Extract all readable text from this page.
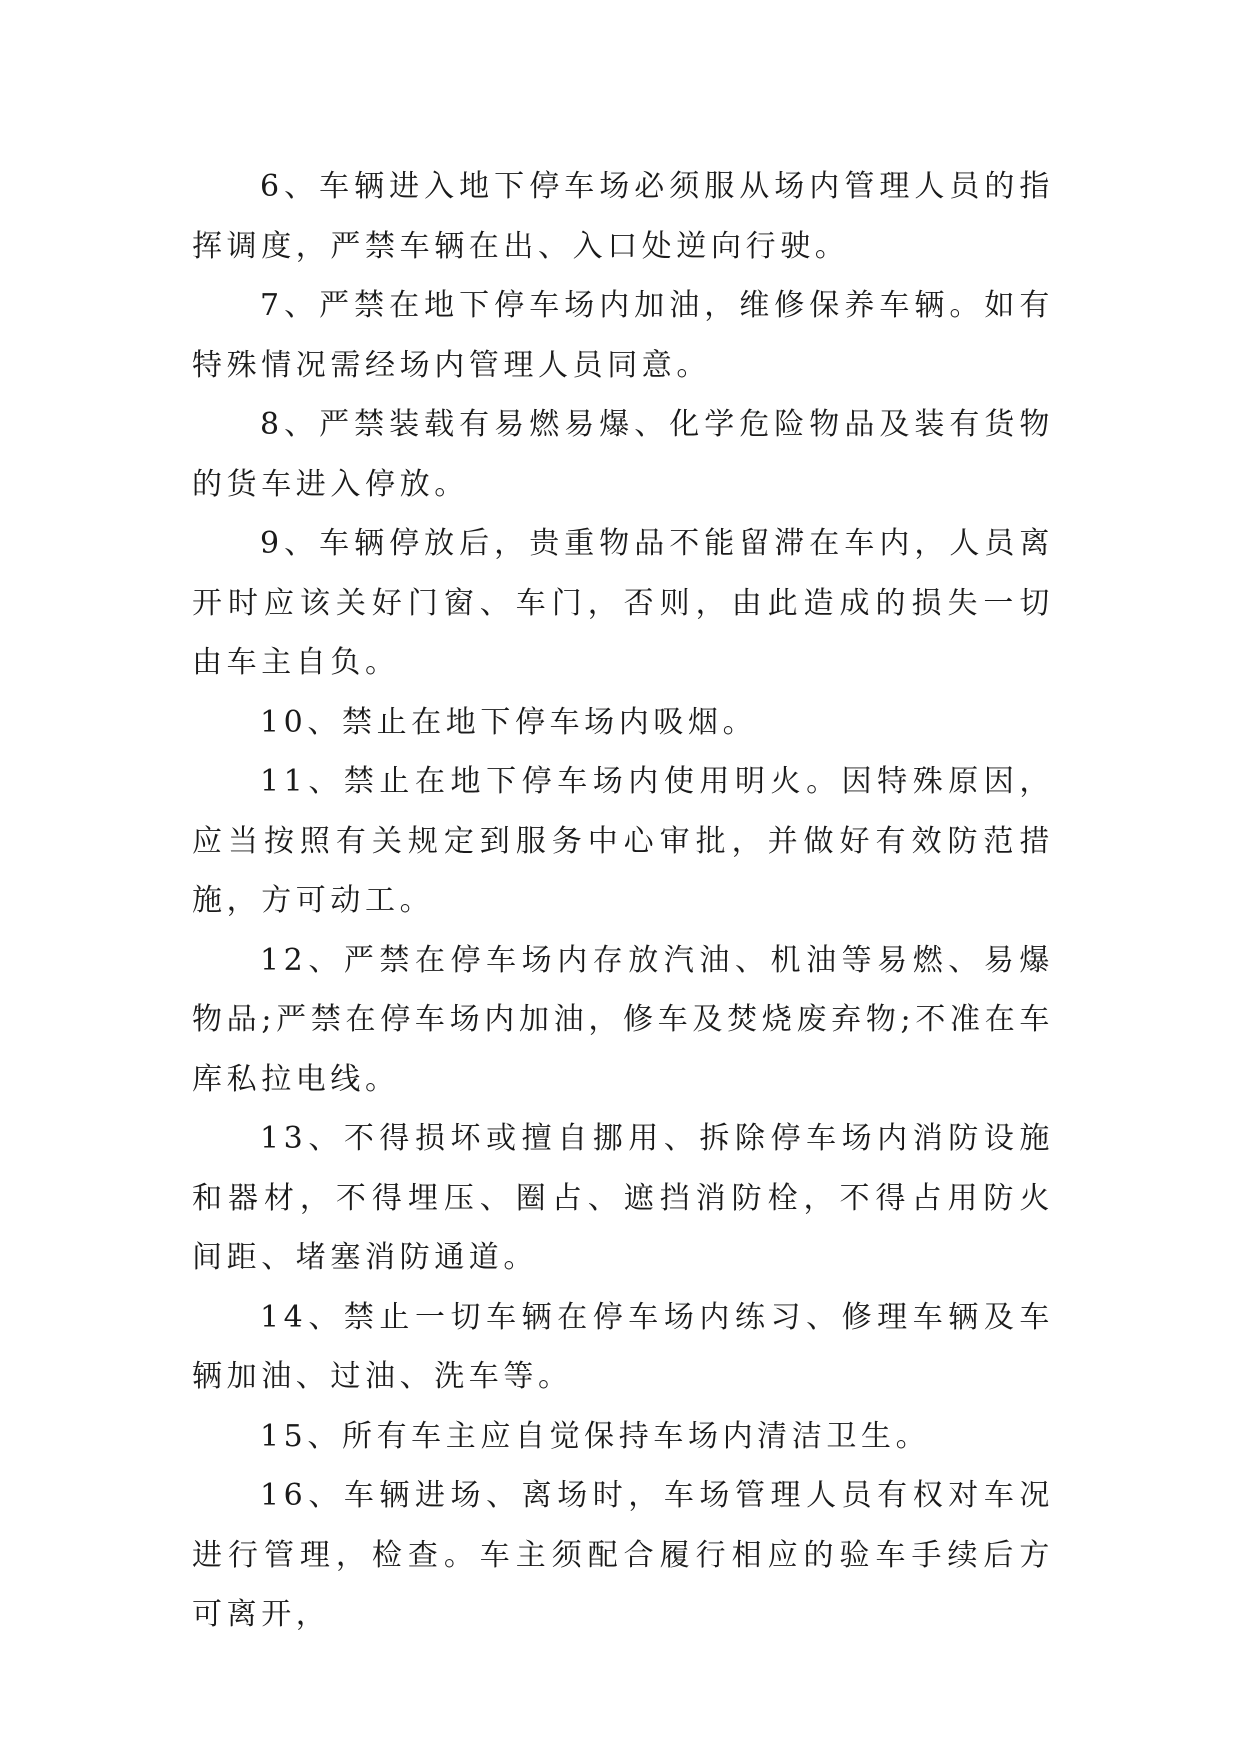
6、车辆进入地下停车场必须服从场内管理人员的指挥调度，严禁车辆在出、入口处逆向行驶。

7、严禁在地下停车场内加油，维修保养车辆。如有特殊情况需经场内管理人员同意。

8、严禁装载有易燃易爆、化学危险物品及装有货物的货车进入停放。

9、车辆停放后，贵重物品不能留滞在车内，人员离开时应该关好门窗、车门，否则，由此造成的损失一切由车主自负。

10、禁止在地下停车场内吸烟。

11、禁止在地下停车场内使用明火。因特殊原因，应当按照有关规定到服务中心审批，并做好有效防范措施，方可动工。

12、严禁在停车场内存放汽油、机油等易燃、易爆物品;严禁在停车场内加油，修车及焚烧废弃物;不准在车库私拉电线。

13、不得损坏或擅自挪用、拆除停车场内消防设施和器材，不得埋压、圈占、遮挡消防栓，不得占用防火间距、堵塞消防通道。

14、禁止一切车辆在停车场内练习、修理车辆及车辆加油、过油、洗车等。

15、所有车主应自觉保持车场内清洁卫生。

16、车辆进场、离场时，车场管理人员有权对车况进行管理，检查。车主须配合履行相应的验车手续后方可离开，
